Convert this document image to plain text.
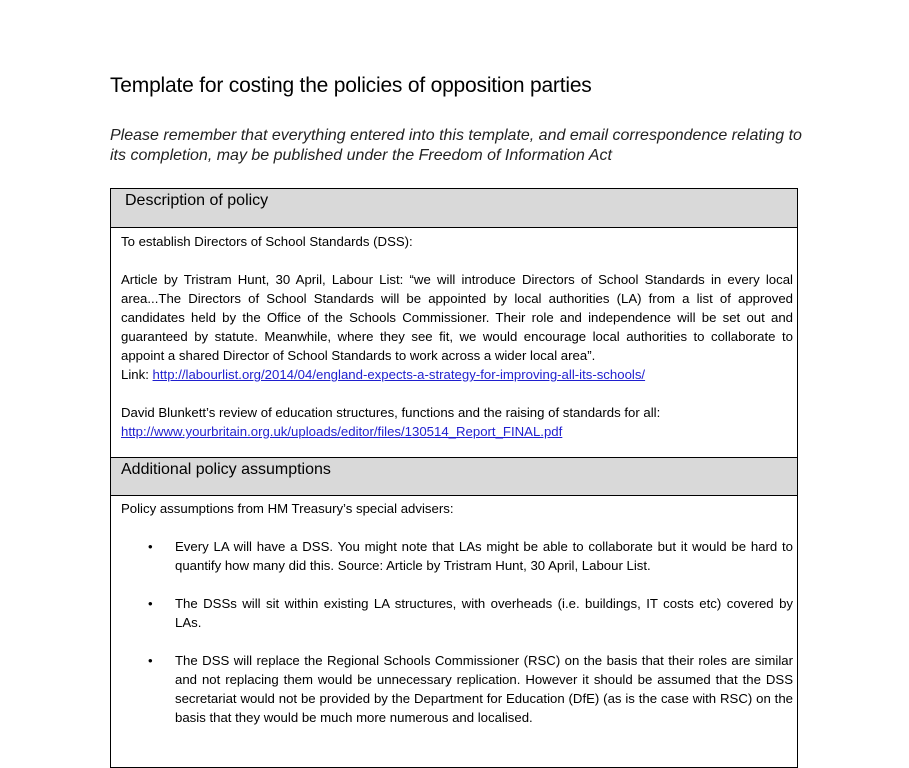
Template for costing the policies of opposition parties
Please remember that everything entered into this template, and email correspondence relating to its completion, may be published under the Freedom of Information Act
Description of policy

To establish Directors of School Standards (DSS):

Article by Tristram Hunt, 30 April, Labour List: “we will introduce Directors of School Standards in every local area...The Directors of School Standards will be appointed by local authorities (LA) from a list of approved candidates held by the Office of the Schools Commissioner. Their role and independence will be set out and guaranteed by statute. Meanwhile, where they see fit, we would encourage local authorities to collaborate to appoint a shared Director of School Standards to work across a wider local area”.

Link: http://labourlist.org/2014/04/england-expects-a-strategy-for-improving-all-its-schools/

David Blunkett’s review of education structures, functions and the raising of standards for all:

http://www.yourbritain.org.uk/uploads/editor/files/130514_Report_FINAL.pdf

Additional policy assumptions

Policy assumptions from HM Treasury’s special advisers:

• Every LA will have a DSS. You might note that LAs might be able to collaborate but it would be hard to quantify how many did this. Source: Article by Tristram Hunt, 30 April, Labour List.
• The DSSs will sit within existing LA structures, with overheads (i.e. buildings, IT costs etc) covered by LAs.
• The DSS will replace the Regional Schools Commissioner (RSC) on the basis that their roles are similar and not replacing them would be unnecessary replication. However it should be assumed that the DSS secretariat would not be provided by the Department for Education (DfE) (as is the case with RSC) on the basis that they would be much more numerous and localised.
